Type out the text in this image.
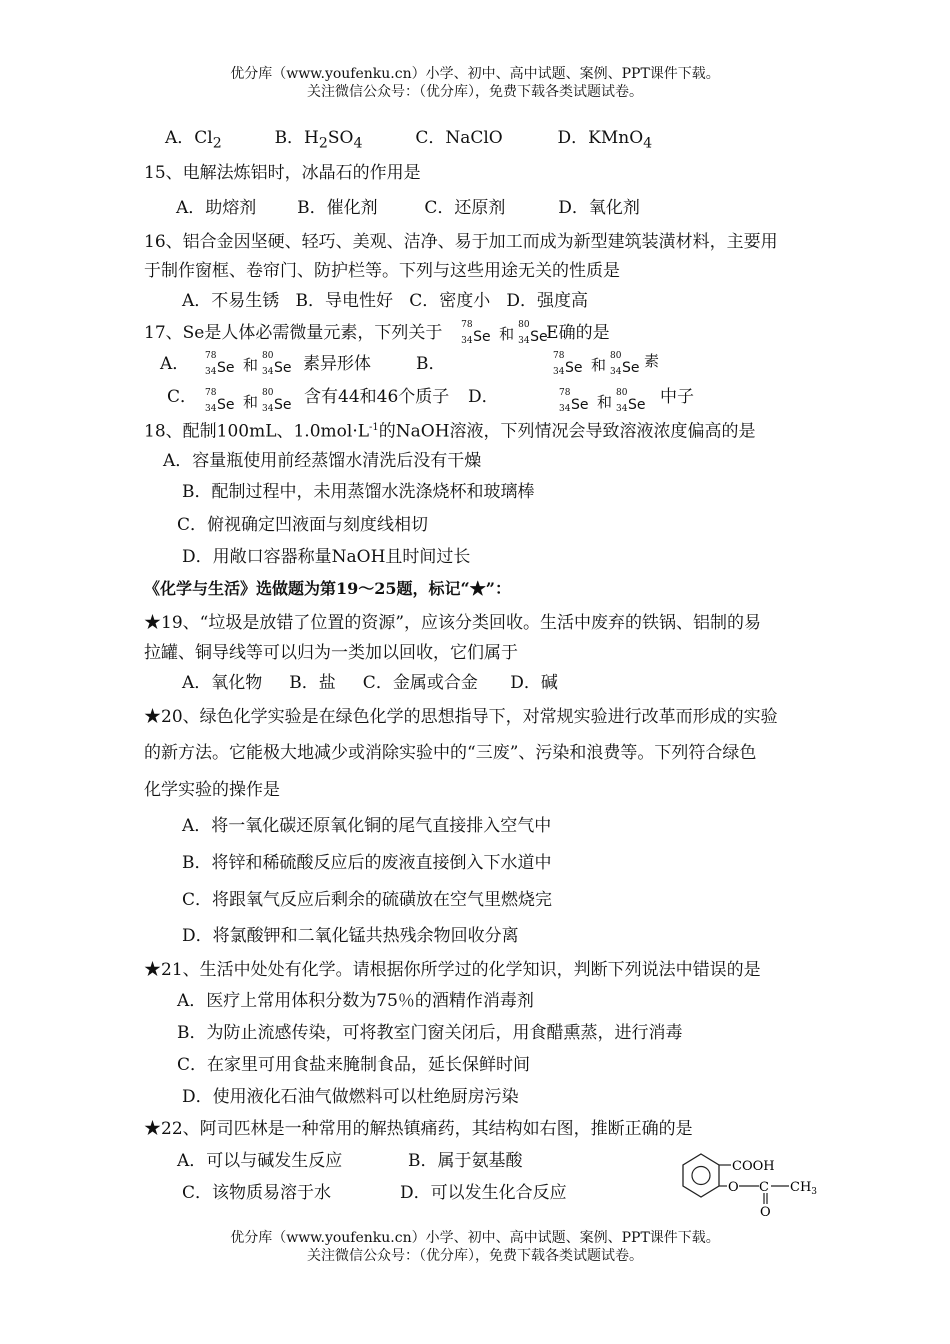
优分库（www.youfenku.cn）小学、初中、高中试题、案例、PPT课件下载。
关注微信公众号：（优分库），免费下载各类试题试卷。
A．$Cl_2$	B．$H_2SO_4$	C．NaClO	D．KMnO$_4$
15、电解法炼铝时，冰晶石的作用是
A．助熔剂 B．催化剂	C．还原剂	D．氧化剂
16、铝合金因坚硬、轻巧、美观、洁净、易于加工而成为新型建筑装潢材料，主要用
于制作窗框、卷帘门、防护栏等。下列与这些用途无关的性质是
A．不易生锈   B．导电性好   C．密度小   D．强度高
17、Se是人体必需微量元素，下列关于 78
34 Se 和 80
34 Se
E确的是
A． 78
34 Se 和 80
34 Se 素异形体	B．	78
34 Se 和 80
34 Se 素
C． 78
34 Se 和 80
34 Se 含有44和46个质子 D．	78
34 Se 和 80
34 Se 中子
18、配制100mL、$1.0mol\cdot L^{-1}$的NaOH溶液，下列情况会导致溶液浓度偏高的是
A．容量瓶使用前经蒸馏水清洗后没有干燥
B．配制过程中，未用蒸馏水洗涤烧杯和玻璃棒
C．俯视确定凹液面与刻度线相切
D．用敞口容器称量NaOH且时间过长
《化学与生活》选做题为第19～25题，标记“★”：
★19、“垃圾是放错了位置的资源”，应该分类回收。生活中废弃的铁锅、铝制的易
拉罐、铜导线等可以归为一类加以回收，它们属于
A．氧化物     B．盐     C．金属或合金      D．碱
★20、绿色化学实验是在绿色化学的思想指导下，对常规实验进行改革而形成的实验
的新方法。它能极大地减少或消除实验中的“三废”、污染和浪费等。下列符合绿色
化学实验的操作是
A．将一氧化碳还原氧化铜的尾气直接排入空气中
B．将锌和稀硫酸反应后的废液直接倒入下水道中
C．将跟氧气反应后剩余的硫磺放在空气里燃烧完
D．将氯酸钾和二氧化锰共热残余物回收分离
★21、生活中处处有化学。请根据你所学过的化学知识，判断下列说法中错误的是
A．医疗上常用体积分数为75％的酒精作消毒剂
B．为防止流感传染，可将教室门窗关闭后，用食醋熏蒸，进行消毒
C．在家里可用食盐来腌制食品，延长保鲜时间
D．使用液化石油气做燃料可以杜绝厨房污染
★22、阿司匹林是一种常用的解热镇痛药，其结构如右图，推断正确的是
A．可以与碱发生反应	B．属于氨基酸
C．该物质易溶于水	D．可以发生化合反应
COOH
O C
O
$CH_3$
优分库（www.youfenku.cn）小学、初中、高中试题、案例、PPT课件下载。
关注微信公众号：（优分库），免费下载各类试题试卷。
